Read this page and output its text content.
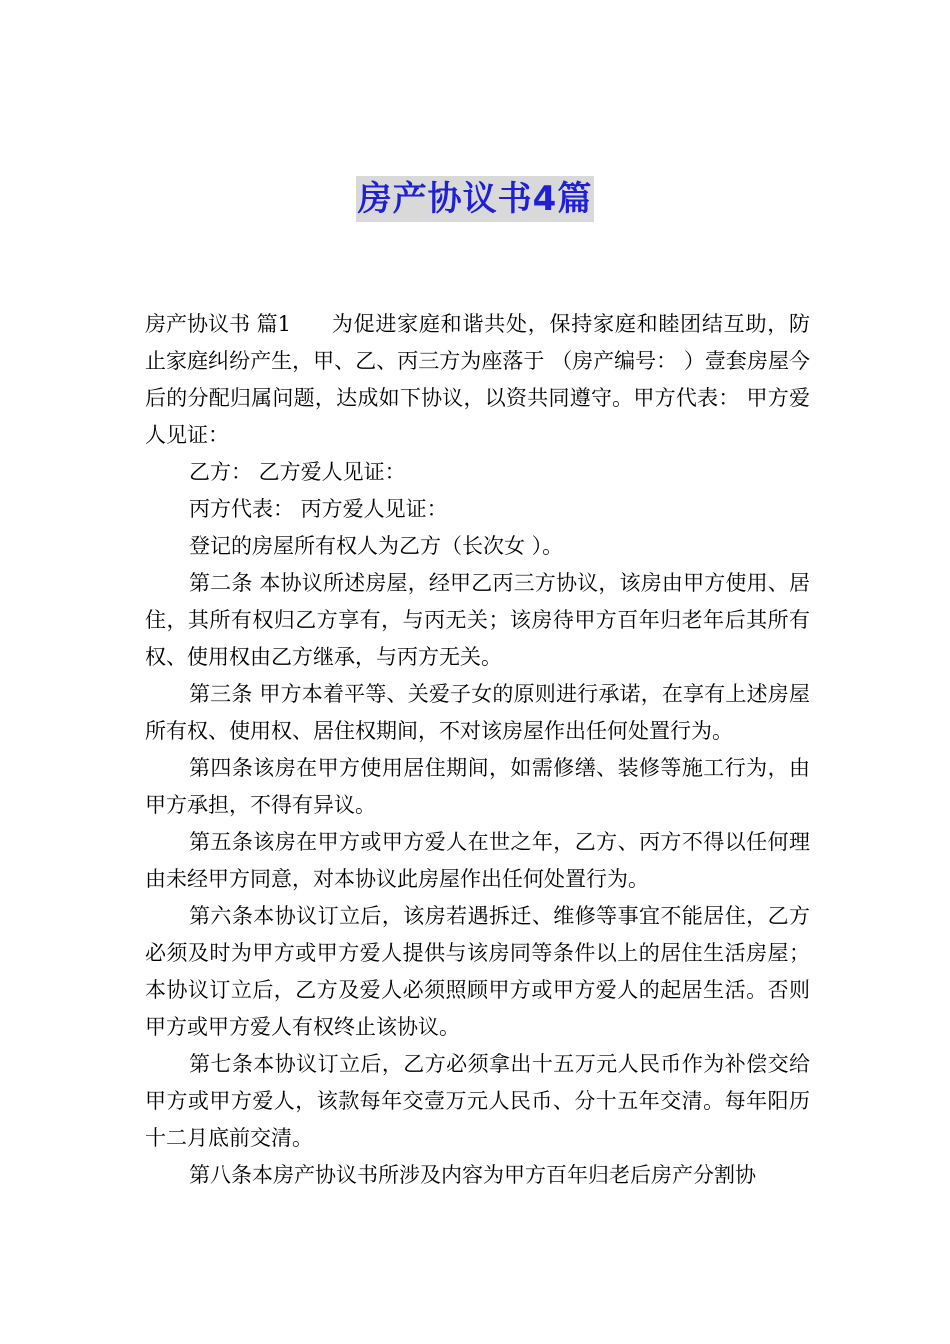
房产协议书4篇

房产协议书 篇1 为促进家庭和谐共处，保持家庭和睦团结互助，防止家庭纠纷产生，甲、乙、丙三方为座落于 （房产编号： ）壹套房屋今后的分配归属问题，达成如下协议，以资共同遵守。甲方代表： 甲方爱人见证：

乙方： 乙方爱人见证：

丙方代表： 丙方爱人见证：

登记的房屋所有权人为乙方（长次女 ）。

第二条 本协议所述房屋，经甲乙丙三方协议，该房由甲方使用、居住，其所有权归乙方享有，与丙无关；该房待甲方百年归老年后其所有权、使用权由乙方继承，与丙方无关。

第三条 甲方本着平等、关爱子女的原则进行承诺，在享有上述房屋所有权、使用权、居住权期间，不对该房屋作出任何处置行为。

第四条该房在甲方使用居住期间，如需修缮、装修等施工行为，由甲方承担，不得有异议。

第五条该房在甲方或甲方爱人在世之年，乙方、丙方不得以任何理由未经甲方同意，对本协议此房屋作出任何处置行为。

第六条本协议订立后，该房若遇拆迁、维修等事宜不能居住，乙方必须及时为甲方或甲方爱人提供与该房同等条件以上的居住生活房屋；本协议订立后，乙方及爱人必须照顾甲方或甲方爱人的起居生活。否则甲方或甲方爱人有权终止该协议。

第七条本协议订立后，乙方必须拿出十五万元人民币作为补偿交给甲方或甲方爱人，该款每年交壹万元人民币、分十五年交清。每年阳历十二月底前交清。

第八条本房产协议书所涉及内容为甲方百年归老后房产分割协
